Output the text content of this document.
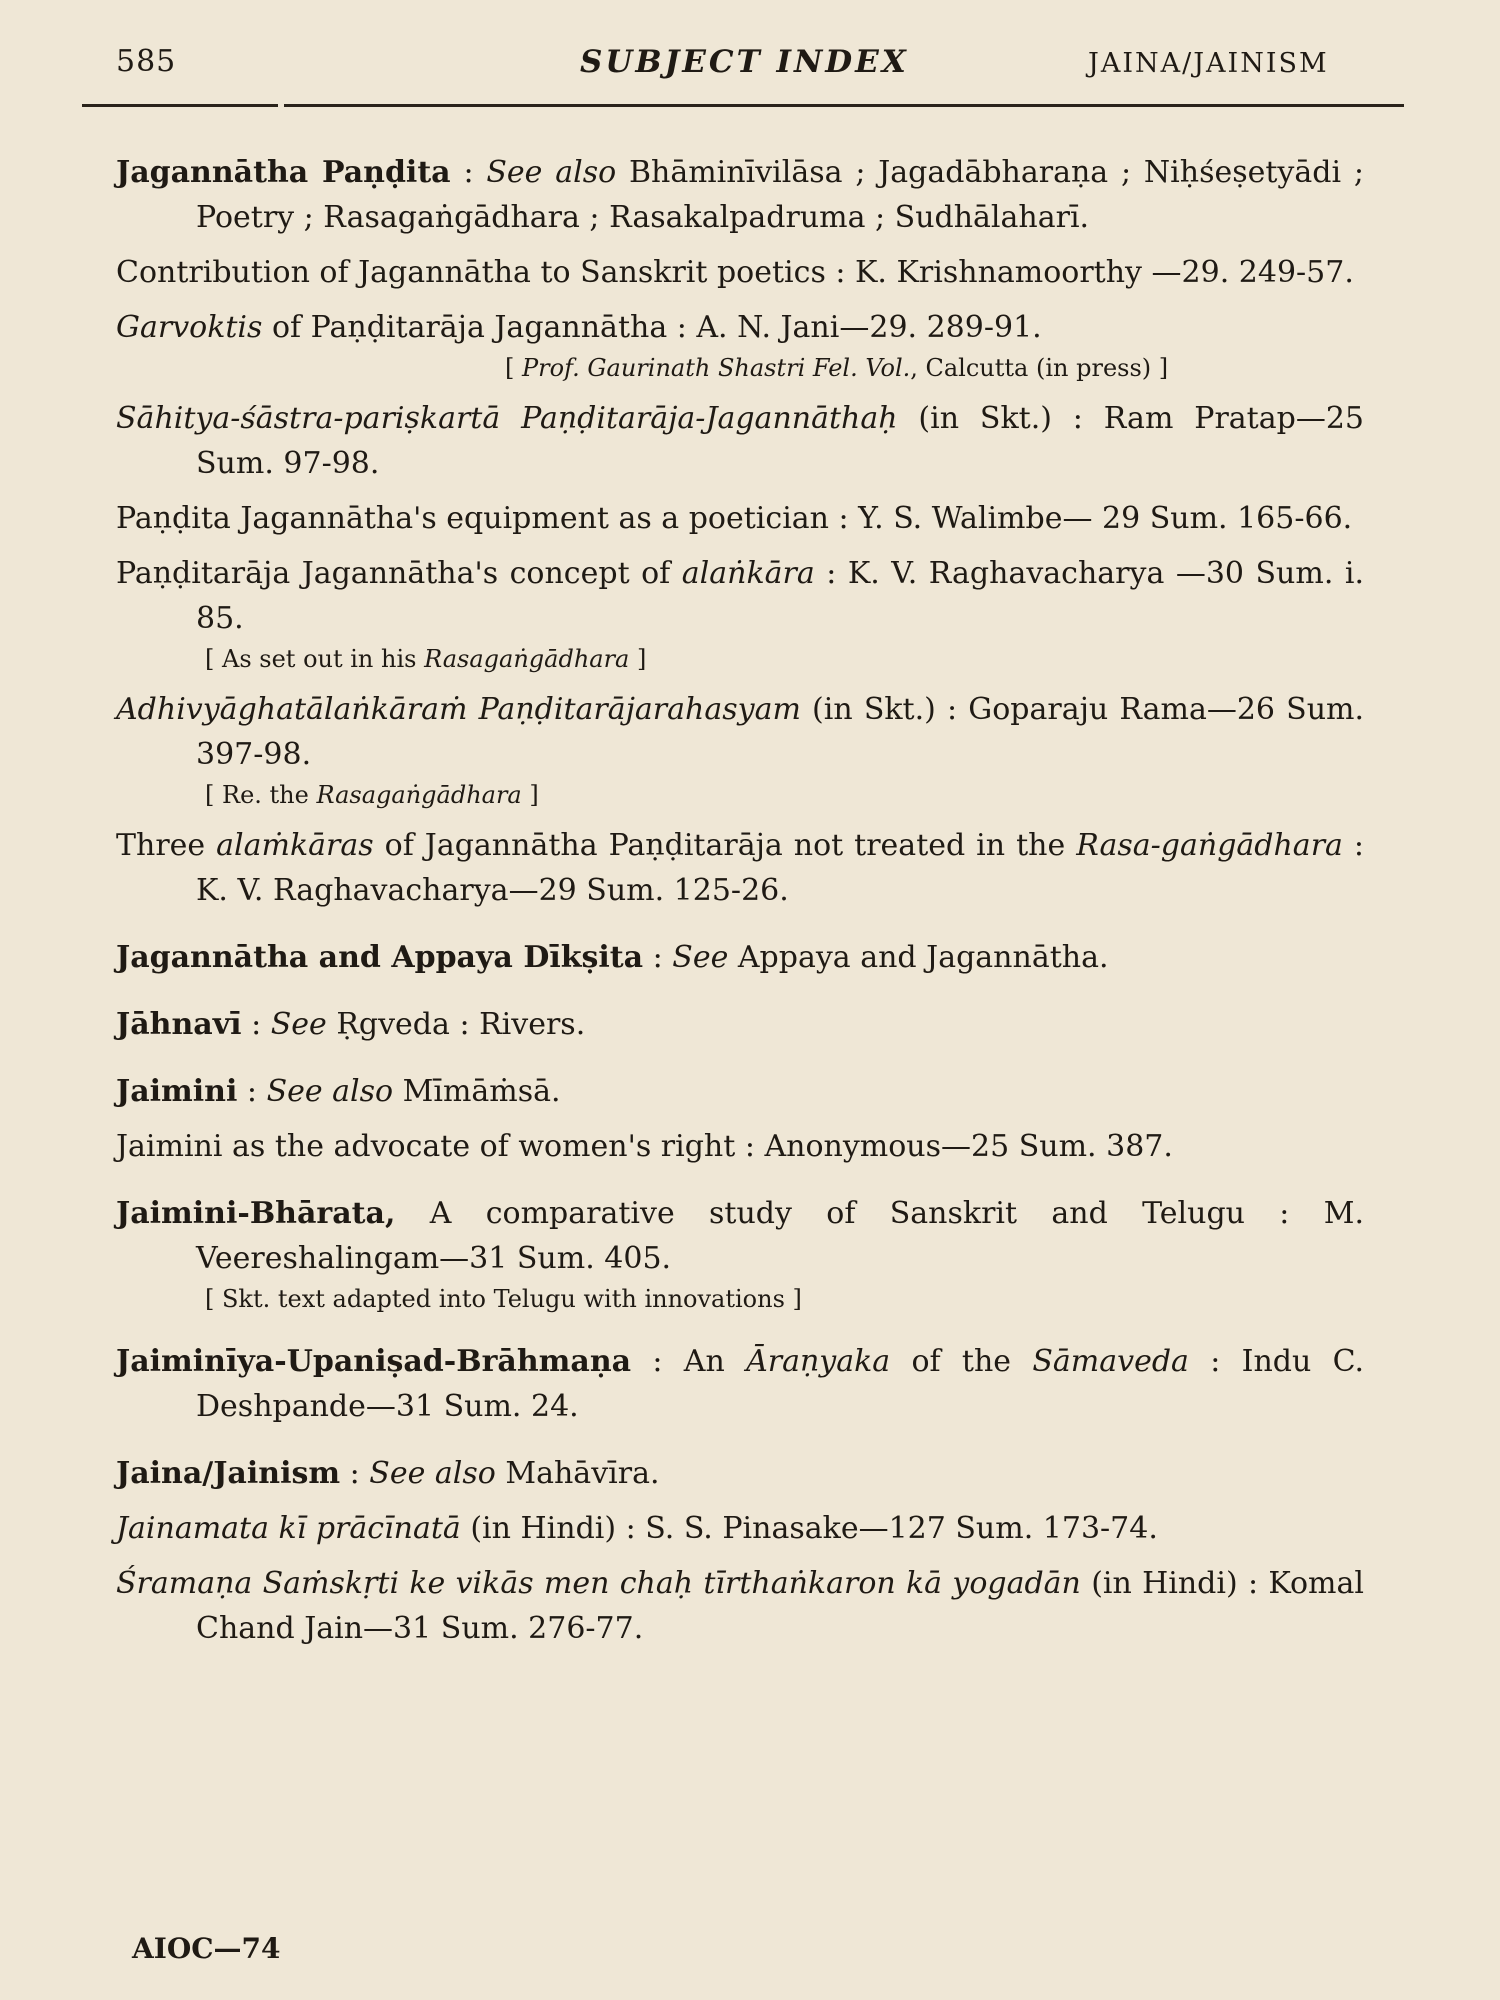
585	SUBJECT INDEX	JAINA/JAINISM
Jagannātha Paṇḍita : See also Bhāminīvilāsa ; Jagadābharaṇa ; Niḥśeṣetyādi ; Poetry ; Rasagaṅgādhara ; Rasakalpadruma ; Sudhālaharī.
Contribution of Jagannātha to Sanskrit poetics : K. Krishnamoorthy —29. 249-57.
Garvoktis of Paṇḍitarāja Jagannātha : A. N. Jani—29. 289-91.
[ Prof. Gaurinath Shastri Fel. Vol., Calcutta (in press) ]
Sāhitya-śāstra-pariṣkartā Paṇḍitarāja-Jagannāthaḥ (in Skt.) : Ram Pratap—25 Sum. 97-98.
Paṇḍita Jagannātha's equipment as a poetician : Y. S. Walimbe— 29 Sum. 165-66.
Paṇḍitarāja Jagannātha's concept of alaṅkāra : K. V. Raghavacharya —30 Sum. i. 85.
[ As set out in his Rasagaṅgādhara ]
Adhivyāghatālaṅkāraṁ Paṇḍitarājarahasyam (in Skt.) : Goparaju Rama—26 Sum. 397-98.
[ Re. the Rasagaṅgādhara ]
Three alaṁkāras of Jagannātha Paṇḍitarāja not treated in the Rasa-gaṅgādhara : K. V. Raghavacharya—29 Sum. 125-26.
Jagannātha and Appaya Dīkṣita : See Appaya and Jagannātha.
Jāhnavī : See Ṛgveda : Rivers.
Jaimini : See also Mīmāṁsā.
Jaimini as the advocate of women's right : Anonymous—25 Sum. 387.
Jaimini-Bhārata, A comparative study of Sanskrit and Telugu : M. Veereshalingam—31 Sum. 405.
[ Skt. text adapted into Telugu with innovations ]
Jaiminīya-Upaniṣad-Brāhmaṇa : An Āraṇyaka of the Sāmaveda : Indu C. Deshpande—31 Sum. 24.
Jaina/Jainism : See also Mahāvīra.
Jainamata kī prācīnatā (in Hindi) : S. S. Pinasake—127 Sum. 173-74.
Śramaṇa Saṁskṛti ke vikās men chaḥ tīrthaṅkaron kā yogadān (in Hindi) : Komal Chand Jain—31 Sum. 276-77.
AIOC—74
